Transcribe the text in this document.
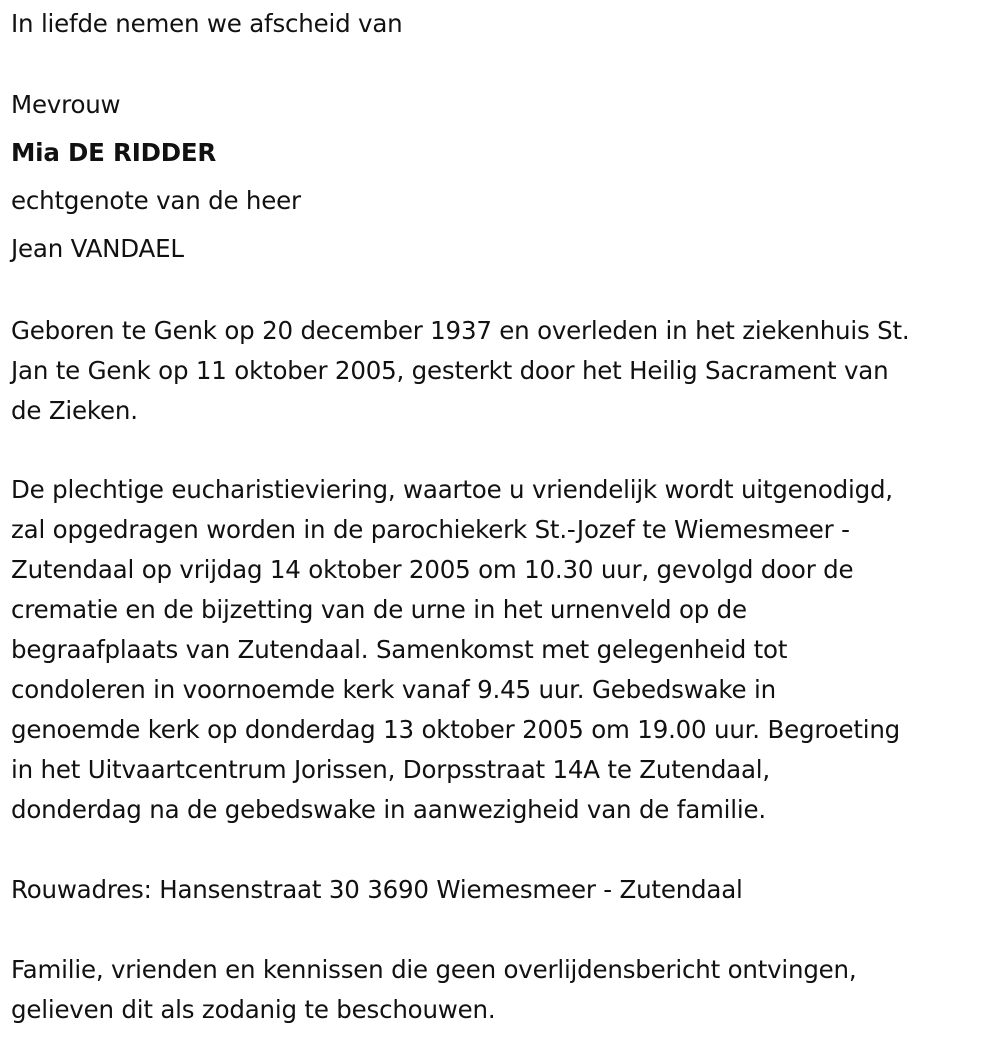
In liefde nemen we afscheid van
Mevrouw
Mia DE RIDDER
echtgenote van de heer
Jean VANDAEL
Geboren te Genk op 20 december 1937 en overleden in het ziekenhuis St.
Jan te Genk op 11 oktober 2005, gesterkt door het Heilig Sacrament van
de Zieken.
De plechtige eucharistieviering, waartoe u vriendelijk wordt uitgenodigd,
zal opgedragen worden in de parochiekerk St.-Jozef te Wiemesmeer -
Zutendaal op vrijdag 14 oktober 2005 om 10.30 uur, gevolgd door de
crematie en de bijzetting van de urne in het urnenveld op de
begraafplaats van Zutendaal. Samenkomst met gelegenheid tot
condoleren in voornoemde kerk vanaf 9.45 uur. Gebedswake in
genoemde kerk op donderdag 13 oktober 2005 om 19.00 uur. Begroeting
in het Uitvaartcentrum Jorissen, Dorpsstraat 14A te Zutendaal,
donderdag na de gebedswake in aanwezigheid van de familie.
Rouwadres: Hansenstraat 30 3690 Wiemesmeer - Zutendaal
Familie, vrienden en kennissen die geen overlijdensbericht ontvingen,
gelieven dit als zodanig te beschouwen.
